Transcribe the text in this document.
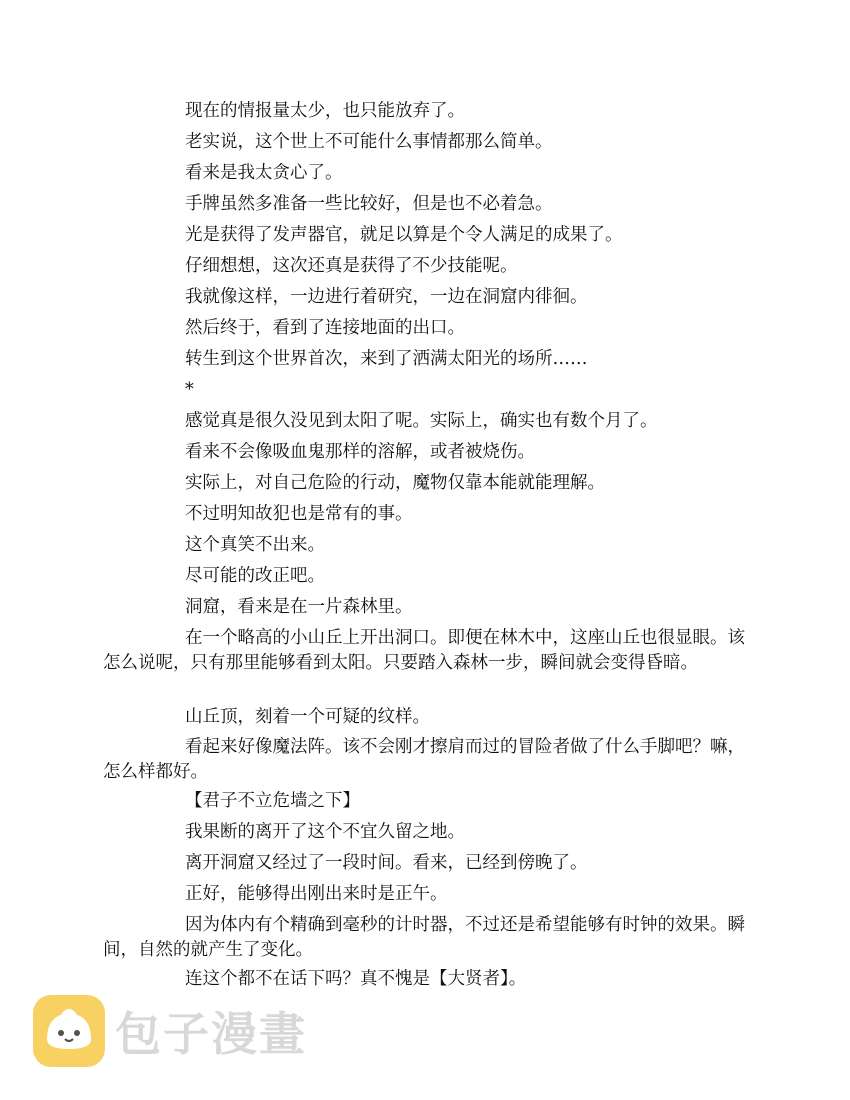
现在的情报量太少，也只能放弃了。

老实说，这个世上不可能什么事情都那么简单。

看来是我太贪心了。

手牌虽然多准备一些比较好，但是也不必着急。

光是获得了发声器官，就足以算是个令人满足的成果了。

仔细想想，这次还真是获得了不少技能呢。

我就像这样，一边进行着研究，一边在洞窟内徘徊。

然后终于，看到了连接地面的出口。

转生到这个世界首次，来到了洒满太阳光的场所……

*

感觉真是很久没见到太阳了呢。实际上，确实也有数个月了。

看来不会像吸血鬼那样的溶解，或者被烧伤。

实际上，对自己危险的行动，魔物仅靠本能就能理解。

不过明知故犯也是常有的事。

这个真笑不出来。

尽可能的改正吧。

洞窟，看来是在一片森林里。

在一个略高的小山丘上开出洞口。即便在林木中，这座山丘也很显眼。该怎么说呢，只有那里能够看到太阳。只要踏入森林一步，瞬间就会变得昏暗。

山丘顶，刻着一个可疑的纹样。

看起来好像魔法阵。该不会刚才擦肩而过的冒险者做了什么手脚吧？嘛，怎么样都好。

【君子不立危墙之下】

我果断的离开了这个不宜久留之地。

离开洞窟又经过了一段时间。看来，已经到傍晚了。

正好，能够得出刚出来时是正午。

因为体内有个精确到毫秒的计时器，不过还是希望能够有时钟的效果。瞬间，自然的就产生了变化。

连这个都不在话下吗？真不愧是【大贤者】。

包子漫畫
